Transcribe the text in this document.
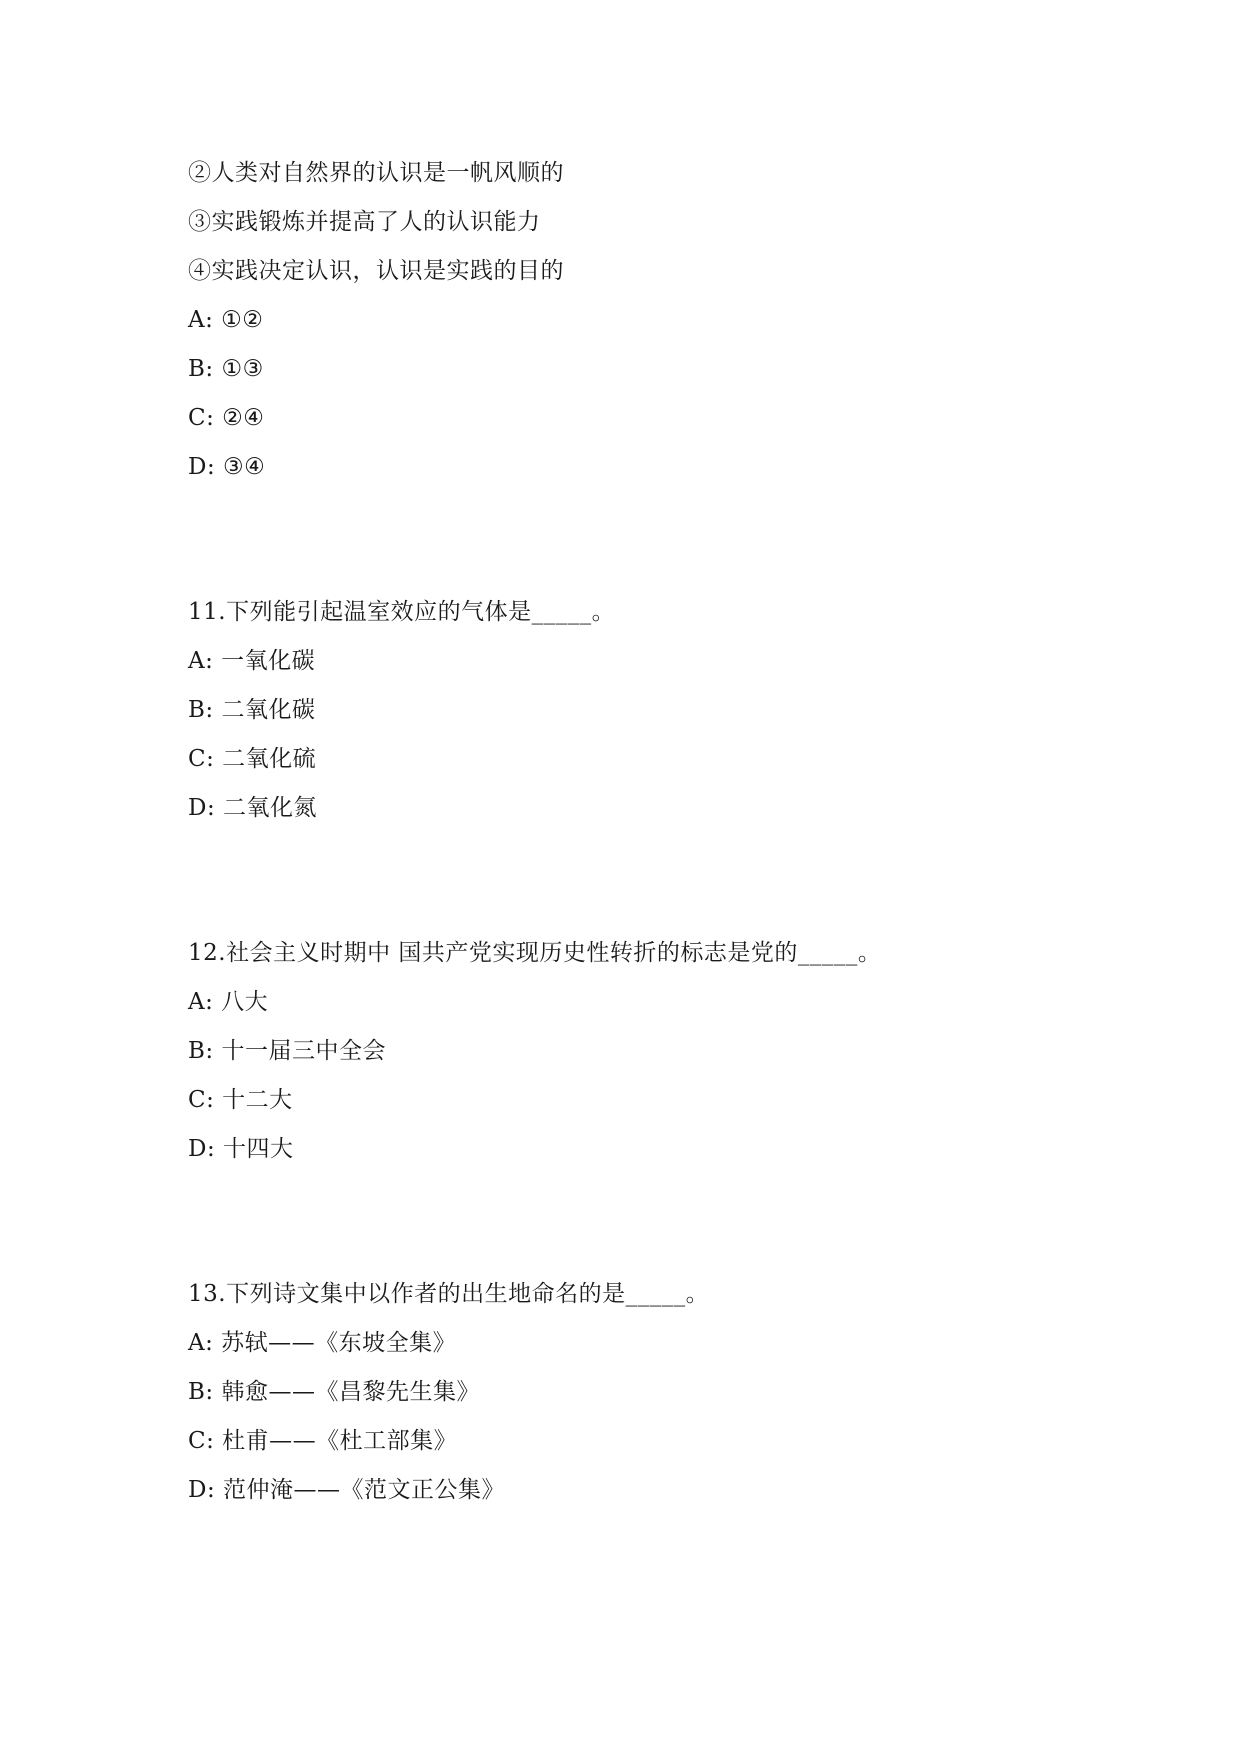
②人类对自然界的认识是一帆风顺的
③实践锻炼并提高了人的认识能力
④实践决定认识，认识是实践的目的
A: ①②
B: ①③
C: ②④
D: ③④
11.下列能引起温室效应的气体是_____。
A: 一氧化碳
B: 二氧化碳
C: 二氧化硫
D: 二氧化氮
12.社会主义时期中 国共产党实现历史性转折的标志是党的_____。
A: 八大
B: 十一届三中全会
C: 十二大
D: 十四大
13.下列诗文集中以作者的出生地命名的是_____。
A: 苏轼——《东坡全集》
B: 韩愈——《昌黎先生集》
C: 杜甫——《杜工部集》
D: 范仲淹——《范文正公集》
